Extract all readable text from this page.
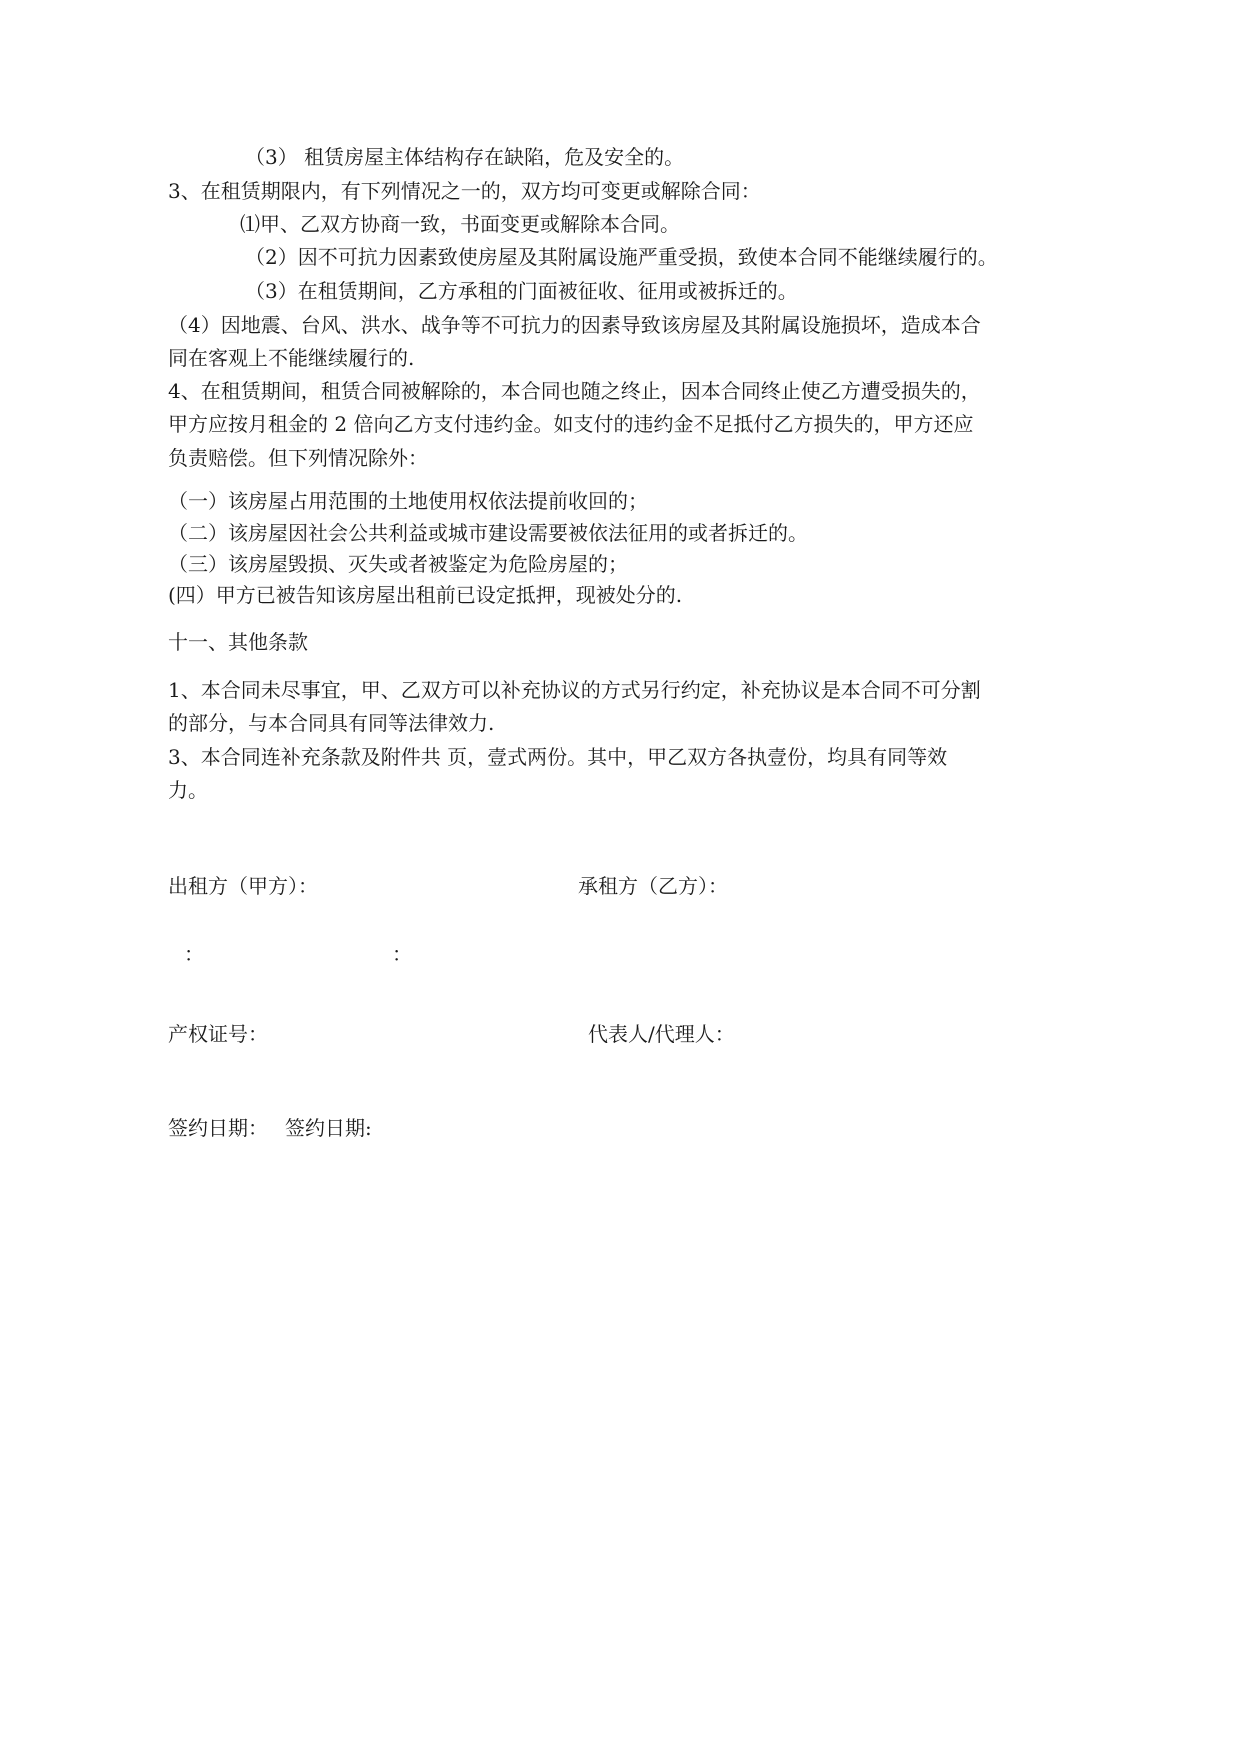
（3） 租赁房屋主体结构存在缺陷，危及安全的。
3、在租赁期限内，有下列情况之一的，双方均可变更或解除合同：
⑴甲、乙双方协商一致，书面变更或解除本合同。
（2）因不可抗力因素致使房屋及其附属设施严重受损，致使本合同不能继续履行的。
（3）在租赁期间，乙方承租的门面被征收、征用或被拆迁的。
（4）因地震、台风、洪水、战争等不可抗力的因素导致该房屋及其附属设施损坏，造成本合
同在客观上不能继续履行的.
4、在租赁期间，租赁合同被解除的，本合同也随之终止，因本合同终止使乙方遭受损失的，
甲方应按月租金的 2 倍向乙方支付违约金。如支付的违约金不足抵付乙方损失的，甲方还应
负责赔偿。但下列情况除外：
（一）该房屋占用范围的土地使用权依法提前收回的；
（二）该房屋因社会公共利益或城市建设需要被依法征用的或者拆迁的。
（三）该房屋毁损、灭失或者被鉴定为危险房屋的；
(四）甲方已被告知该房屋出租前已设定抵押，现被处分的.
十一、其他条款
1、本合同未尽事宜，甲、乙双方可以补充协议的方式另行约定，补充协议是本合同不可分割
的部分，与本合同具有同等法律效力.
3、本合同连补充条款及附件共 页，壹式两份。其中，甲乙双方各执壹份，均具有同等效
力。
出租方（甲方）：	承租方（乙方）：
：	：
产权证号：	代表人/代理人：
签约日期： 签约日期:
